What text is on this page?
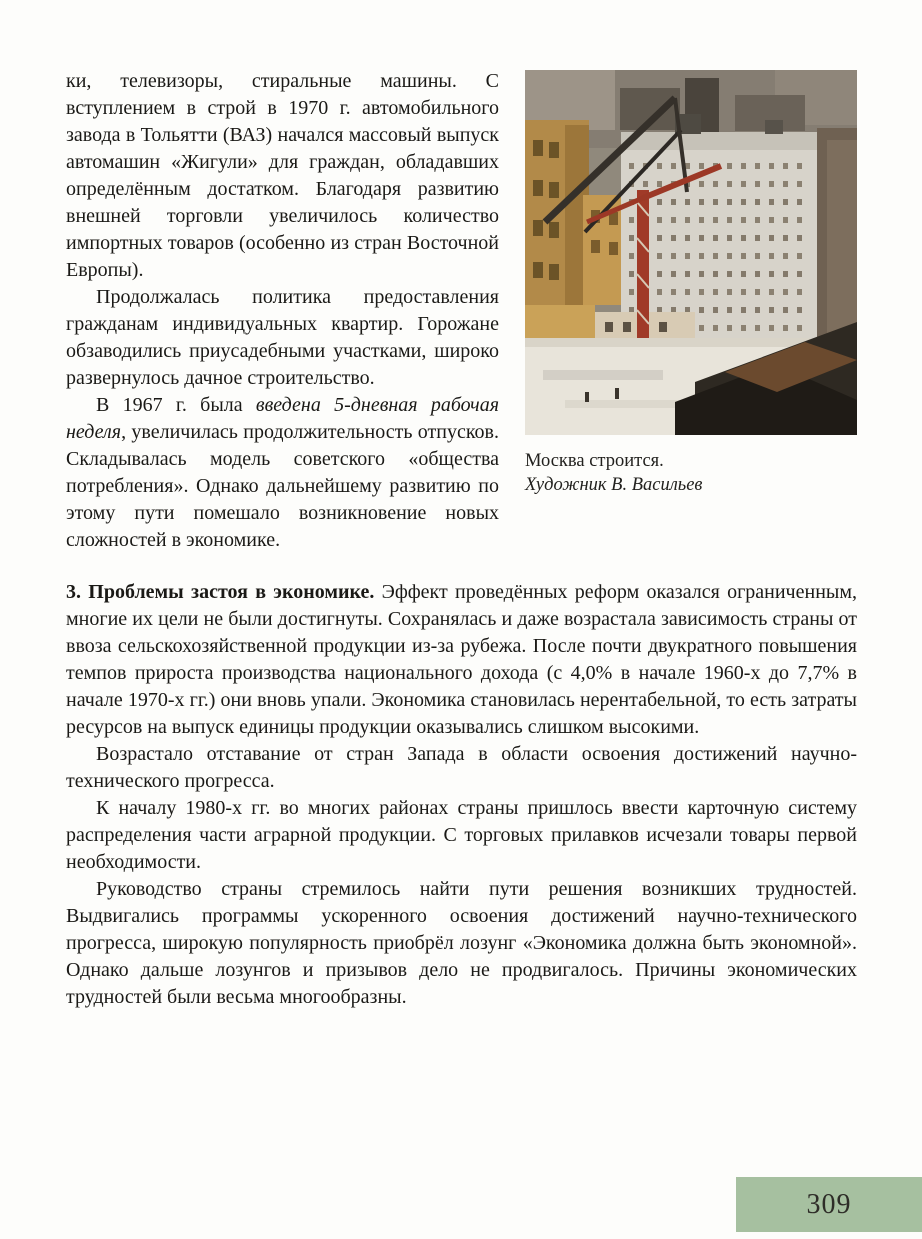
Москва строится.
Художник В. Васильев

ки, телевизоры, стиральные машины. С вступлением в строй в 1970 г. автомобильного завода в Тольятти (ВАЗ) начался массовый выпуск автомашин «Жигули» для граждан, обладавших определённым достатком. Благодаря развитию внешней торговли увеличилось количество импортных товаров (особенно из стран Восточной Европы).

Продолжалась политика предоставления гражданам индивидуальных квартир. Горожане обзаводились приусадебными участками, широко развернулось дачное строительство.

В 1967 г. была введена 5-дневная рабочая неделя, увеличилась продолжительность отпусков. Складывалась модель советского «общества потребления». Однако дальнейшему развитию по этому пути помешало возникновение новых сложностей в экономике.

3. Проблемы застоя в экономике. Эффект проведённых реформ оказался ограниченным, многие их цели не были достигнуты. Сохранялась и даже возрастала зависимость страны от ввоза сельскохозяйственной продукции из-за рубежа. После почти двукратного повышения темпов прироста производства национального дохода (с 4,0% в начале 1960-х до 7,7% в начале 1970-х гг.) они вновь упали. Экономика становилась нерентабельной, то есть затраты ресурсов на выпуск единицы продукции оказывались слишком высокими.

Возрастало отставание от стран Запада в области освоения достижений научно-технического прогресса.

К началу 1980-х гг. во многих районах страны пришлось ввести карточную систему распределения части аграрной продукции. С торговых прилавков исчезали товары первой необходимости.

Руководство страны стремилось найти пути решения возникших трудностей. Выдвигались программы ускоренного освоения достижений научно-технического прогресса, широкую популярность приобрёл лозунг «Экономика должна быть экономной». Однако дальше лозунгов и призывов дело не продвигалось. Причины экономических трудностей были весьма многообразны.

309
